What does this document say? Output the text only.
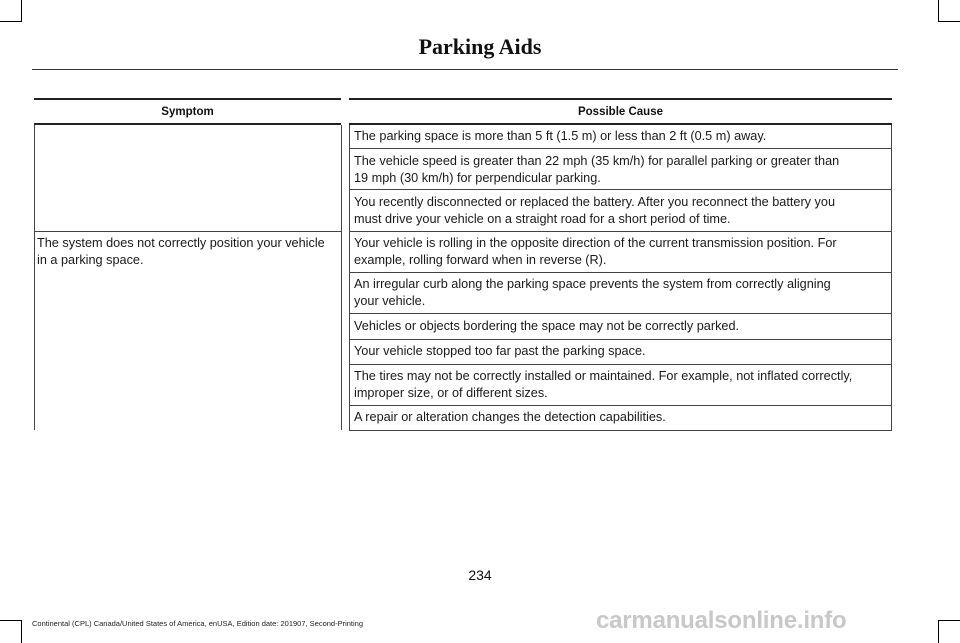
Parking Aids
Symptom	Possible Cause
The system does not correctly position your vehicle
in a parking space.
The parking space is more than 5 ft (1.5 m) or less than 2 ft (0.5 m) away.
The vehicle speed is greater than 22 mph (35 km/h) for parallel parking or greater than
19 mph (30 km/h) for perpendicular parking.
You recently disconnected or replaced the battery. After you reconnect the battery you
must drive your vehicle on a straight road for a short period of time.
Your vehicle is rolling in the opposite direction of the current transmission position. For
example, rolling forward when in reverse (R).
An irregular curb along the parking space prevents the system from correctly aligning
your vehicle.
Vehicles or objects bordering the space may not be correctly parked.
Your vehicle stopped too far past the parking space.
The tires may not be correctly installed or maintained. For example, not inflated correctly,
improper size, or of different sizes.
A repair or alteration changes the detection capabilities.
234
Continental (CPL) Canada/United States of America, enUSA, Edition date: 201907, Second-Printing	carmanualsonline.info
